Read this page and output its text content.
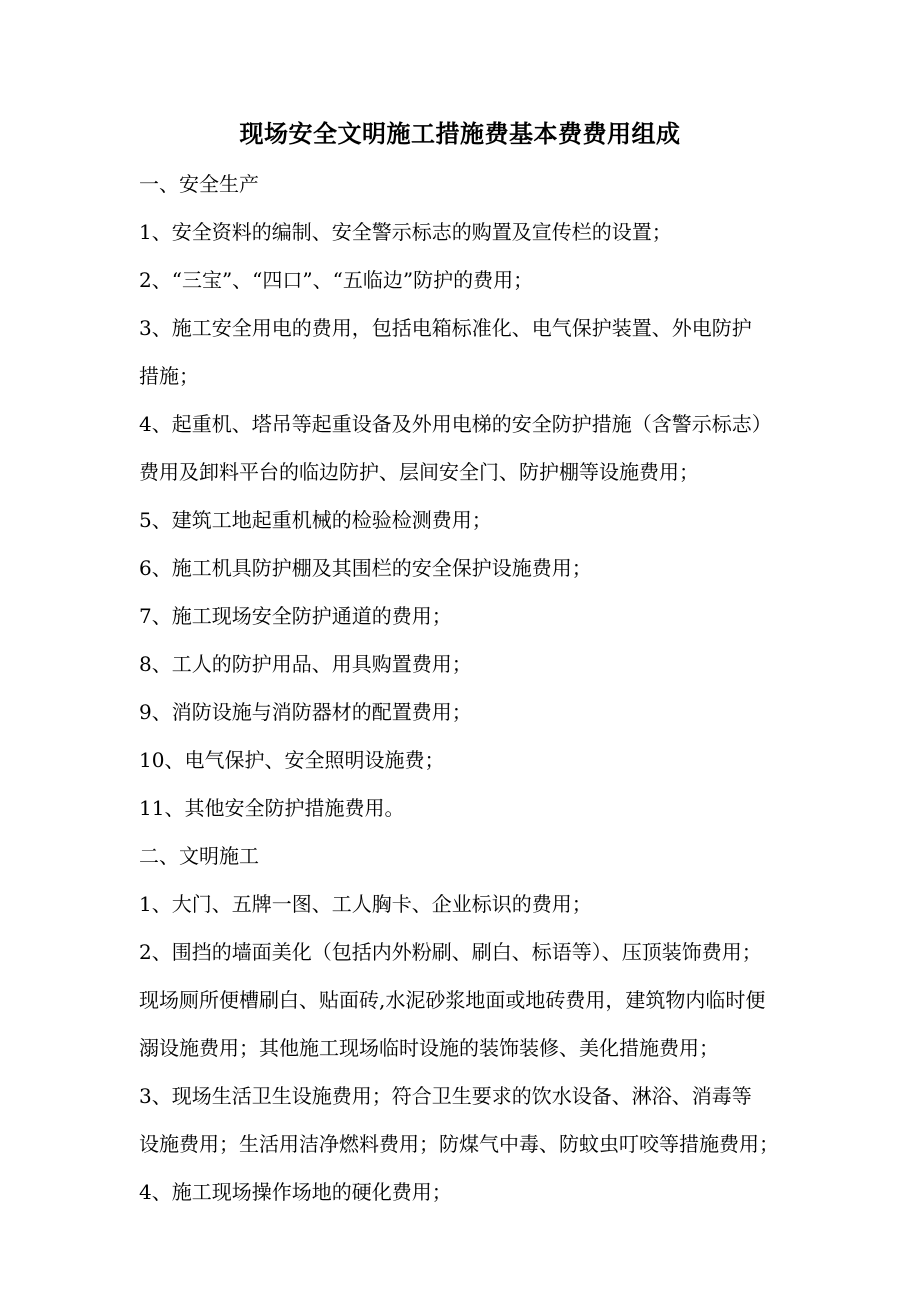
现场安全文明施工措施费基本费费用组成
一、安全生产
1、安全资料的编制、安全警示标志的购置及宣传栏的设置；
2、“三宝”、“四口”、“五临边”防护的费用；
3、施工安全用电的费用，包括电箱标准化、电气保护装置、外电防护
措施；
4、起重机、塔吊等起重设备及外用电梯的安全防护措施（含警示标志）
费用及卸料平台的临边防护、层间安全门、防护棚等设施费用；
5、建筑工地起重机械的检验检测费用；
6、施工机具防护棚及其围栏的安全保护设施费用；
7、施工现场安全防护通道的费用；
8、工人的防护用品、用具购置费用；
9、消防设施与消防器材的配置费用；
10、电气保护、安全照明设施费；
11、其他安全防护措施费用。
二、文明施工
1、大门、五牌一图、工人胸卡、企业标识的费用；
2、围挡的墙面美化（包括内外粉刷、刷白、标语等）、压顶装饰费用；
现场厕所便槽刷白、贴面砖,水泥砂浆地面或地砖费用，建筑物内临时便
溺设施费用；其他施工现场临时设施的装饰装修、美化措施费用；
3、现场生活卫生设施费用；符合卫生要求的饮水设备、淋浴、消毒等
设施费用；生活用洁净燃料费用；防煤气中毒、防蚊虫叮咬等措施费用；
4、施工现场操作场地的硬化费用；
